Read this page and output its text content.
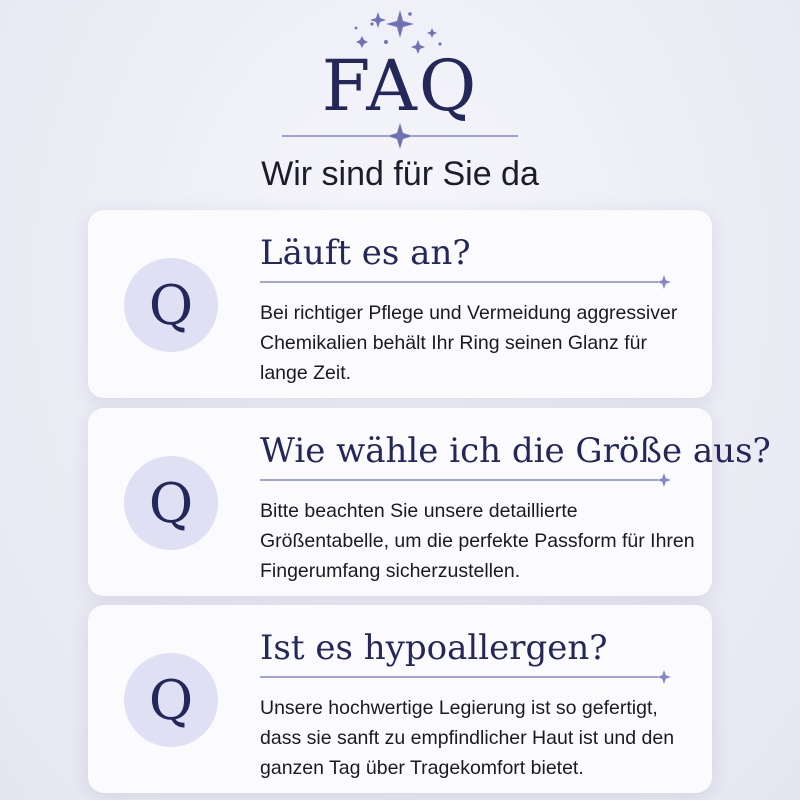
FAQ

Wir sind für Sie da

Q
Läuft es an?
Bei richtiger Pflege und Vermeidung aggressiver Chemikalien behält Ihr Ring seinen Glanz für lange Zeit.
Q
Wie wähle ich die Größe aus?
Bitte beachten Sie unsere detaillierte Größentabelle, um die perfekte Passform für Ihren Fingerumfang sicherzustellen.
Q
Ist es hypoallergen?
Unsere hochwertige Legierung ist so gefertigt, dass sie sanft zu empfindlicher Haut ist und den ganzen Tag über Tragekomfort bietet.
